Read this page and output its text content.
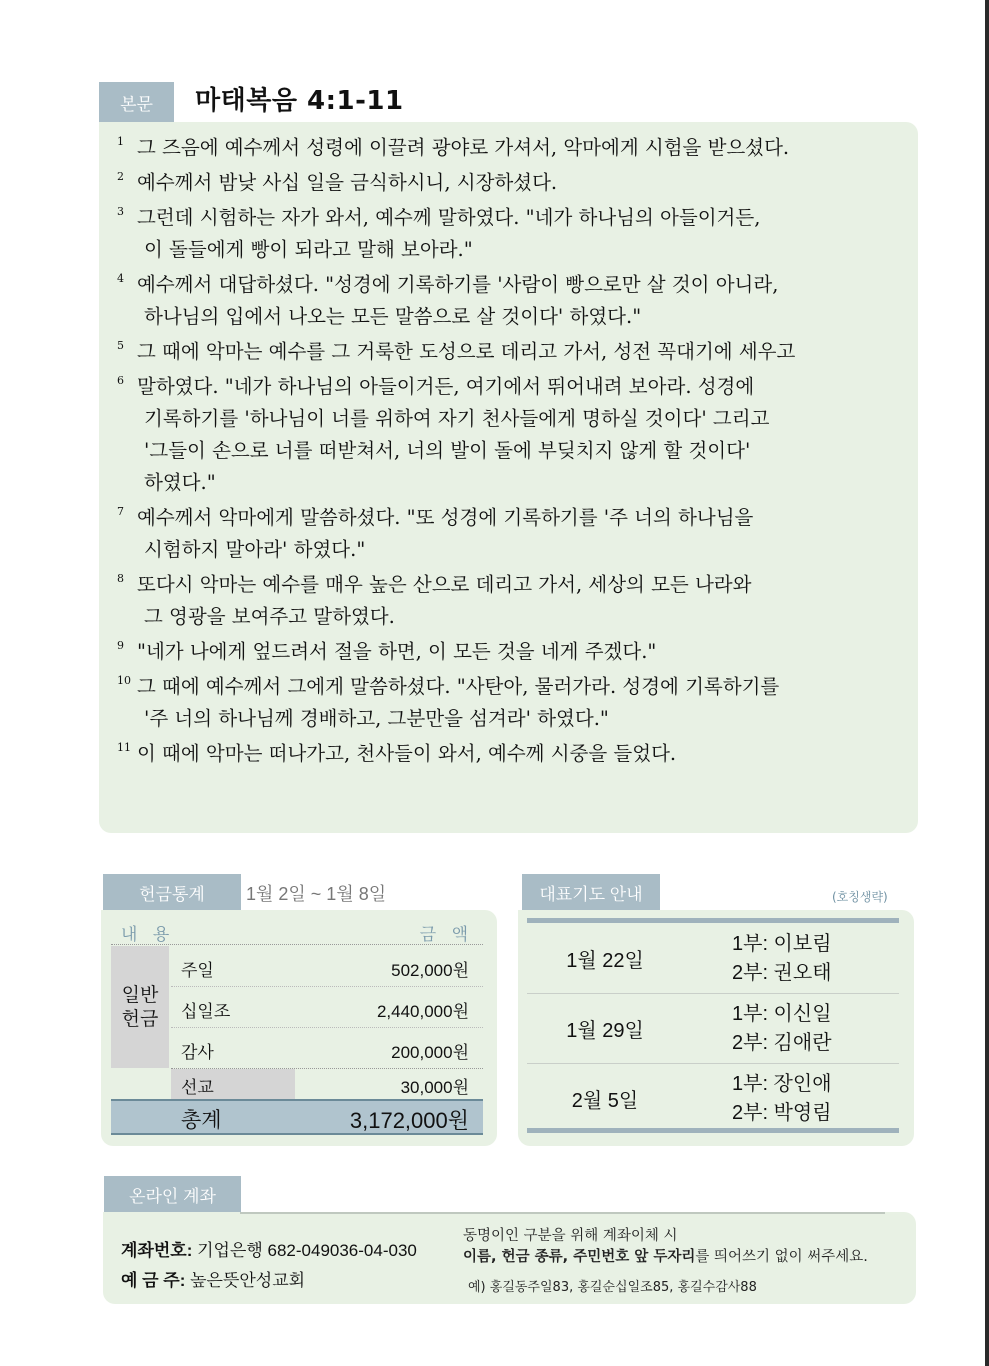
본문	마태복음 4:1-11
1 그 즈음에 예수께서 성령에 이끌려 광야로 가셔서, 악마에게 시험을 받으셨다.
2 예수께서 밤낮 사십 일을 금식하시니, 시장하셨다.
3 그런데 시험하는 자가 와서, 예수께 말하였다. "네가 하나님의 아들이거든,
이 돌들에게 빵이 되라고 말해 보아라."
4 예수께서 대답하셨다. "성경에 기록하기를 '사람이 빵으로만 살 것이 아니라,
하나님의 입에서 나오는 모든 말씀으로 살 것이다' 하였다."
5 그 때에 악마는 예수를 그 거룩한 도성으로 데리고 가서, 성전 꼭대기에 세우고
6 말하였다. "네가 하나님의 아들이거든, 여기에서 뛰어내려 보아라. 성경에
기록하기를 '하나님이 너를 위하여 자기 천사들에게 명하실 것이다' 그리고
'그들이 손으로 너를 떠받쳐서, 너의 발이 돌에 부딪치지 않게 할 것이다'
하였다."
7 예수께서 악마에게 말씀하셨다. "또 성경에 기록하기를 '주 너의 하나님을
시험하지 말아라' 하였다."
8 또다시 악마는 예수를 매우 높은 산으로 데리고 가서, 세상의 모든 나라와
그 영광을 보여주고 말하였다.
9 "네가 나에게 엎드려서 절을 하면, 이 모든 것을 네게 주겠다."
10 그 때에 예수께서 그에게 말씀하셨다. "사탄아, 물러가라. 성경에 기록하기를
'주 너의 하나님께 경배하고, 그분만을 섬겨라' 하였다."
11 이 때에 악마는 떠나가고, 천사들이 와서, 예수께 시중을 들었다.
헌금통계	1월 2일 ~ 1월 8일
내 용	금 액
일반
헌금
주일	502,000원
십일조	2,440,000원
감사	200,000원
선교	30,000원
총계	3,172,000원
대표기도 안내	(호칭생략)
1월 22일
1부: 이보림
2부: 권오태
1월 29일
1부: 이신일
2부: 김애란
2월 5일
1부: 장인애
2부: 박영림
온라인 계좌
계좌번호: 기업은행 682-049036-04-030
예 금 주: 높은뜻안성교회
동명이인 구분을 위해 계좌이체 시
이름, 헌금 종류, 주민번호 앞 두자리를 띄어쓰기 없이 써주세요.
예) 홍길동주일83, 홍길순십일조85, 홍길수감사88
